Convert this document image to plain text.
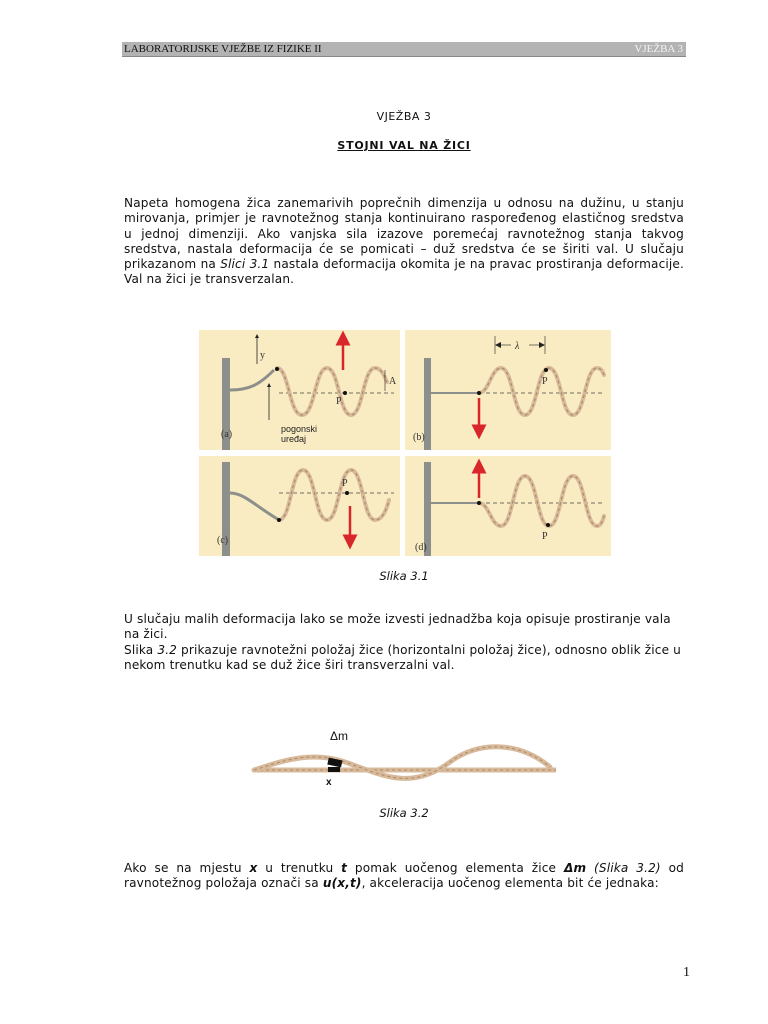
LABORATORIJSKE VJEŽBE IZ FIZIKE II	VJEŽBA 3
VJEŽBA 3
STOJNI VAL NA ŽICI

Napeta homogena žica zanemarivih poprečnih dimenzija u odnosu na dužinu, u stanju mirovanja, primjer je ravnotežnog stanja kontinuirano raspoređenog elastičnog sredstva u jednoj dimenziji. Ako vanjska sila izazove poremećaj ravnotežnog stanja takvog sredstva, nastala deformacija će se pomicati – duž sredstva će se širiti val. U slučaju prikazanom na Slici 3.1 nastala deformacija okomita je na pravac prostiranja deformacije. Val na žici je transverzalan.

y
A
P
(a)	pogonski
uređaj
λ
P
(b)
P
(c)	P
(d)
Slika 3.1

U slučaju malih deformacija lako se može izvesti jednadžba koja opisuje prostiranje vala na žici.
Slika 3.2 prikazuje ravnotežni položaj žice (horizontalni položaj žice), odnosno oblik žice u nekom trenutku kad se duž žice širi transverzalni val.

Δm
x
Slika 3.2

Ako se na mjestu x u trenutku t pomak uočenog elementa žice Δm (Slika 3.2) od ravnotežnog položaja označi sa u(x,t), akceleracija uočenog elementa bit će jednaka:

1
